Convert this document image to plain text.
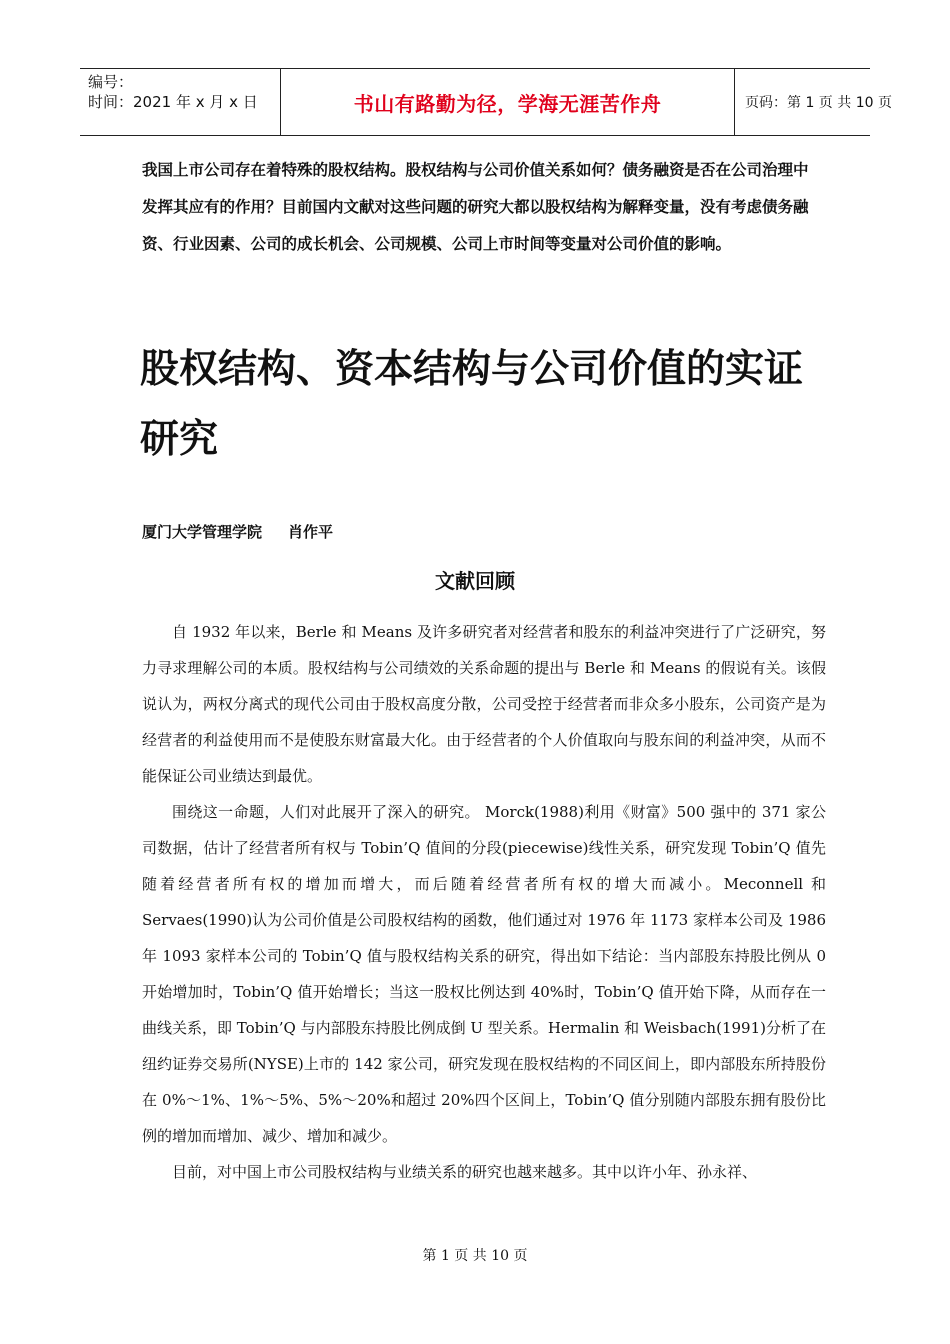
编号：
时间：2021 年 x 月 x 日	书山有路勤为径，学海无涯苦作舟	页码：第 1 页 共 10 页
我国上市公司存在着特殊的股权结构。股权结构与公司价值关系如何？债务融资是否在公司治理中发挥其应有的作用？目前国内文献对这些问题的研究大都以股权结构为解释变量，没有考虑债务融资、行业因素、公司的成长机会、公司规模、公司上市时间等变量对公司价值的影响。
股权结构、资本结构与公司价值的实证研究
厦门大学管理学院 肖作平
文献回顾

自 1932 年以来，Berle 和 Means 及许多研究者对经营者和股东的利益冲突进行了广泛研究，努力寻求理解公司的本质。股权结构与公司绩效的关系命题的提出与 Berle 和 Means 的假说有关。该假说认为，两权分离式的现代公司由于股权高度分散，公司受控于经营者而非众多小股东，公司资产是为经营者的利益使用而不是使股东财富最大化。由于经营者的个人价值取向与股东间的利益冲突，从而不能保证公司业绩达到最优。

围绕这一命题，人们对此展开了深入的研究。 Morck(1988)利用《财富》500 强中的 371 家公司数据，估计了经营者所有权与 Tobin’Q 值间的分段(piecewise)线性关系，研究发现 Tobin’Q 值先随着经营者所有权的增加而增大，而后随着经营者所有权的增大而减小。Meconnell 和 Servaes(1990)认为公司价值是公司股权结构的函数，他们通过对 1976 年 1173 家样本公司及 1986 年 1093 家样本公司的 Tobin’Q 值与股权结构关系的研究，得出如下结论：当内部股东持股比例从 0 开始增加时，Tobin’Q 值开始增长；当这一股权比例达到 40%时，Tobin’Q 值开始下降，从而存在一曲线关系，即 Tobin’Q 与内部股东持股比例成倒 U 型关系。Hermalin 和 Weisbach(1991)分析了在纽约证券交易所(NYSE)上市的 142 家公司，研究发现在股权结构的不同区间上，即内部股东所持股份在 0%～1%、1%～5%、5%～20%和超过 20%四个区间上，Tobin’Q 值分别随内部股东拥有股份比例的增加而增加、减少、增加和减少。

目前，对中国上市公司股权结构与业绩关系的研究也越来越多。其中以许小年、孙永祥、

第 1 页 共 10 页
